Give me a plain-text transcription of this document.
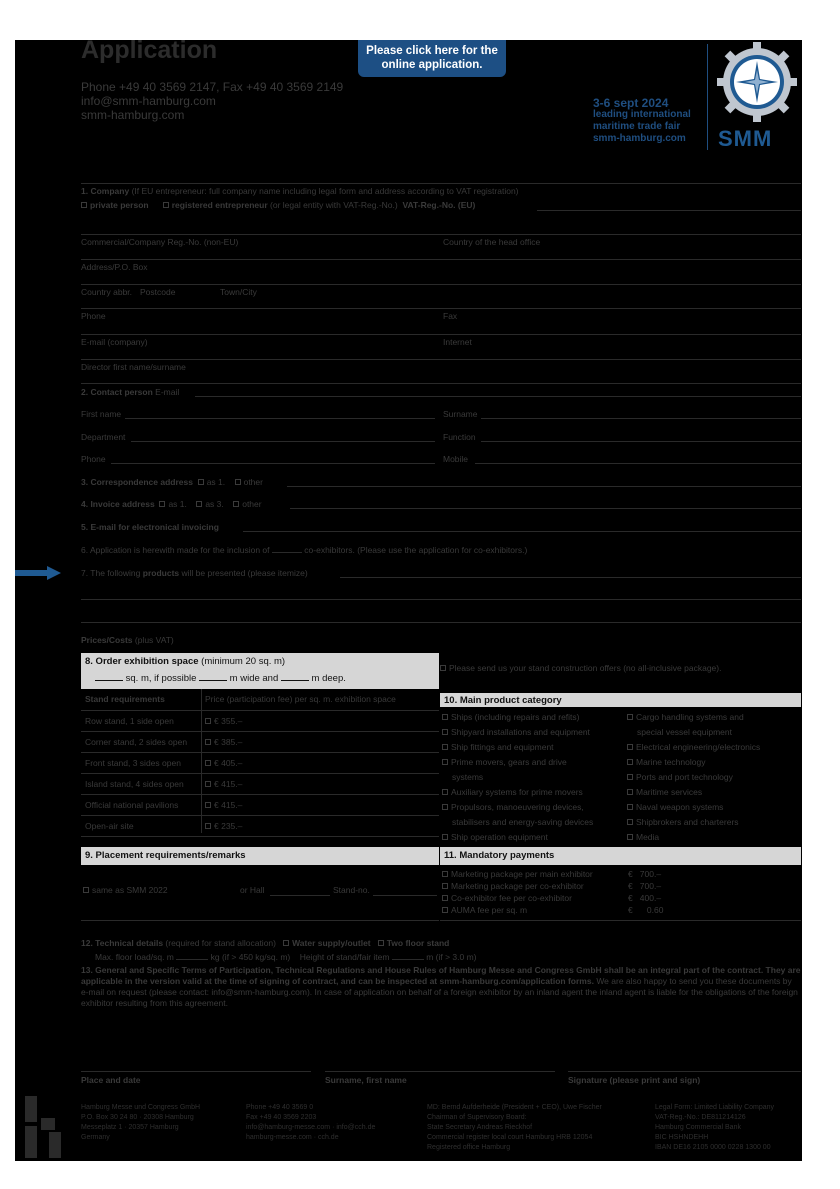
Application
Phone +49 40 3569 2147, Fax +49 40 3569 2149
info@smm-hamburg.com
smm-hamburg.com
Please click here for the online application.
3-6 sept 2024
leading international
maritime trade fair
smm-hamburg.com SMM
1. Company (If EU entrepreneur: full company name including legal form and address according to VAT registration)
private person	registered entrepreneur (or legal entity with VAT-Reg.-No.) VAT-Reg.-No. (EU)
Commercial/Company Reg.-No. (non-EU)	Country of the head office
Address/P.O. Box
Country abbr. Postcode	Town/City
Phone	Fax
E-mail (company)	Internet
Director first name/surname
2. Contact person E-mail
First name	Surname
Department	Function
Phone	Mobile
3. Correspondence address as 1. other
4. Invoice address as 1. as 3. other
5. E-mail for electronical invoicing
6. Application is herewith made for the inclusion of	co-exhibitors. (Please use the application for co-exhibitors.)
7. The following products will be presented (please itemize)
Prices/Costs (plus VAT)
8. Order exhibition space (minimum 20 sq. m)
sq. m, if possible	m wide and	m deep.
Please send us your stand construction offers (no all-inclusive package).
Stand requirements	Price (participation fee) per sq. m. exhibition space
Row stand, 1 side open	€ 355.–
Corner stand, 2 sides open	€ 385.–
Front stand, 3 sides open	€ 405.–
Island stand, 4 sides open	€ 415.–
Official national pavilions	€ 415.–
Open-air site	€ 235.–
10. Main product category
Ships (including repairs and refits)
Shipyard installations and equipment
Ship fittings and equipment
Prime movers, gears and drive
systems
Auxiliary systems for prime movers
Propulsors, manoeuvering devices,
stabilisers and energy-saving devices
Ship operation equipment
Cargo handling systems and
special vessel equipment
Electrical engineering/electronics
Marine technology
Ports and port technology
Maritime services
Naval weapon systems
Shipbrokers and charterers
Media
9. Placement requirements/remarks
same as SMM 2022	or Hall	Stand-no.
11. Mandatory payments
Marketing package per main exhibitor	€   700.–
Marketing package per co-exhibitor	€   700.–
Co-exhibitor fee per co-exhibitor	€   400.–
AUMA fee per sq. m	€      0.60
12. Technical details (required for stand allocation) Water supply/outlet Two floor stand
Max. floor load/sq. m	kg (if > 450 kg/sq. m) Height of stand/fair item	m (if > 3.0 m)
13. General and Specific Terms of Participation, Technical Regulations and House Rules of Hamburg Messe and Congress GmbH shall be an integral part of the contract. They are applicable in the version valid at the time of signing of contract, and can be inspected at smm-hamburg.com/application forms. We are also happy to send you these documents by e-mail on request (please contact: info@smm-hamburg.com). In case of application on behalf of a foreign exhibitor by an inland agent the inland agent is liable for the obligations of the foreign exhibitor resulting from this agreement.
Place and date	Surname, first name	Signature (please print and sign)
Hamburg Messe und Congress GmbH
P.O. Box 30 24 80 · 20308 Hamburg
Messeplatz 1 · 20357 Hamburg
Germany
Phone +49 40 3569 0
Fax +49 40 3569 2203
info@hamburg-messe.com · info@cch.de
hamburg-messe.com · cch.de
MD: Bernd Aufderheide (President + CEO), Uwe Fischer
Chairman of Supervisory Board:
State Secretary Andreas Rieckhof
Commercial register local court Hamburg HRB 12054
Registered office Hamburg
Legal Form: Limited Liability Company
VAT-Reg.-No.: DE811214126
Hamburg Commercial Bank
BIC HSHNDEHH
IBAN DE16 2105 0000 0228 1300 00
